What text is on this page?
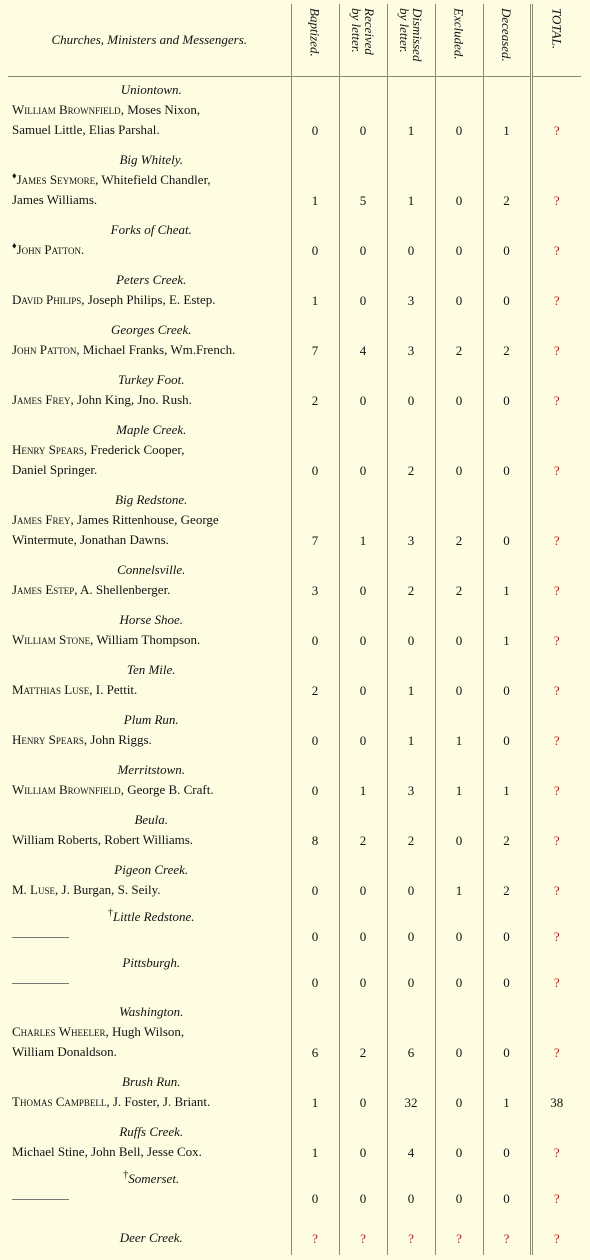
Churches, Ministers and Messengers.	Baptized.	Received
by letter.	Dismissed
by letter.	Excluded.	Deceased.	TOTAL.

Uniontown.
William Brownfield, Moses Nixon,
Samuel Little, Elias Parshal.	0	0	1	0	1	?

Big Whitely.
♦James Seymore, Whitefield Chandler,
James Williams.	1	5	1	0	2	?

Forks of Cheat.
♦John Patton.	0	0	0	0	0	?

Peters Creek.
David Philips, Joseph Philips, E. Estep.	1	0	3	0	0	?

Georges Creek.
John Patton, Michael Franks, Wm.French.	7	4	3	2	2	?

Turkey Foot.
James Frey, John King, Jno. Rush.	2	0	0	0	0	?

Maple Creek.
Henry Spears, Frederick Cooper,
Daniel Springer.	0	0	2	0	0	?

Big Redstone.
James Frey, James Rittenhouse, George
Wintermute, Jonathan Dawns.	7	1	3	2	0	?

Connelsville.
James Estep, A. Shellenberger.	3	0	2	2	1	?

Horse Shoe.
William Stone, William Thompson.	0	0	0	0	1	?

Ten Mile.
Matthias Luse, I. Pettit.	2	0	1	0	0	?

Plum Run.
Henry Spears, John Riggs.	0	0	1	1	0	?

Merritstown.
William Brownfield, George B. Craft.	0	1	3	1	1	?

Beula.
William Roberts, Robert Williams.	8	2	2	0	2	?

Pigeon Creek.
M. Luse, J. Burgan, S. Seily.	0	0	0	1	2	?

†Little Redstone.	0	0	0	0	0	?

Pittsburgh.	0	0	0	0	0	?

Washington.
Charles Wheeler, Hugh Wilson,
William Donaldson.	6	2	6	0	0	?

Brush Run.
Thomas Campbell, J. Foster, J. Briant.	1	0	32	0	1	38

Ruffs Creek.
Michael Stine, John Bell, Jesse Cox.	1	0	4	0	0	?

†Somerset.	0	0	0	0	0	?

Deer Creek.	?	?	?	?	?	?
